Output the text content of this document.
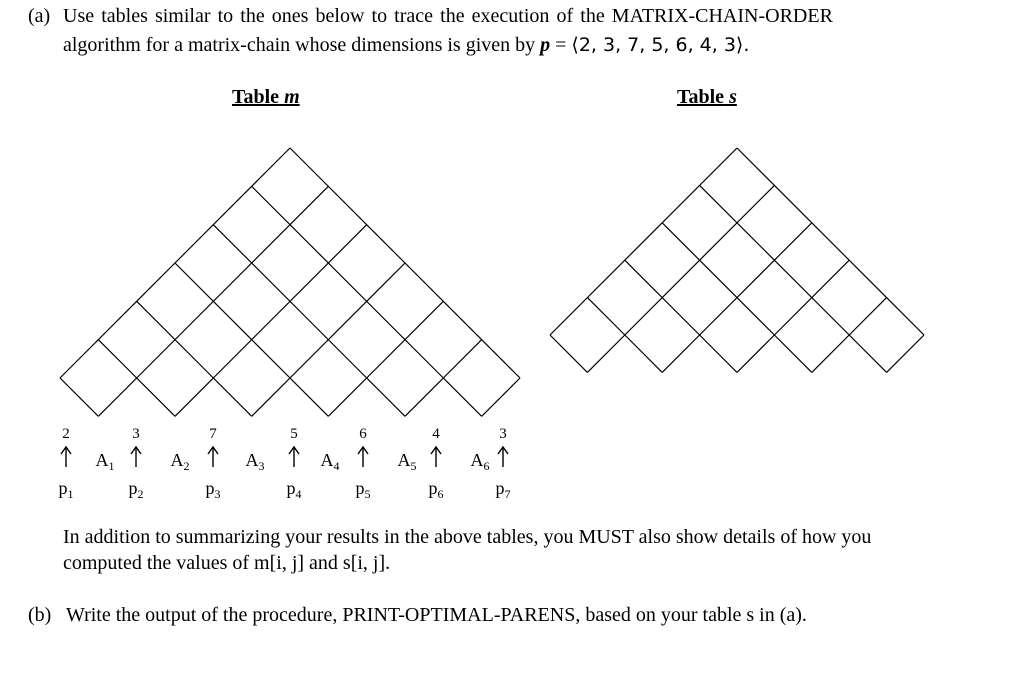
(a) Use tables similar to the ones below to trace the execution of the MATRIX-CHAIN-ORDER
algorithm for a matrix-chain whose dimensions is given by p = ⟨2, 3, 7, 5, 6, 4, 3⟩.
Table m	Table s
2
$p_1$
3
$p_2$
7
$p_3$
5
$p_4$
6
$p_5$
4
$p_6$
3
$p_7$
$A_1$	$A_2$	$A_3$	$A_4$	$A_5$	$A_6$
In addition to summarizing your results in the above tables, you MUST also show details of how you
computed the values of m[i, j] and s[i, j].
(b) Write the output of the procedure, PRINT-OPTIMAL-PARENS, based on your table s in (a).
